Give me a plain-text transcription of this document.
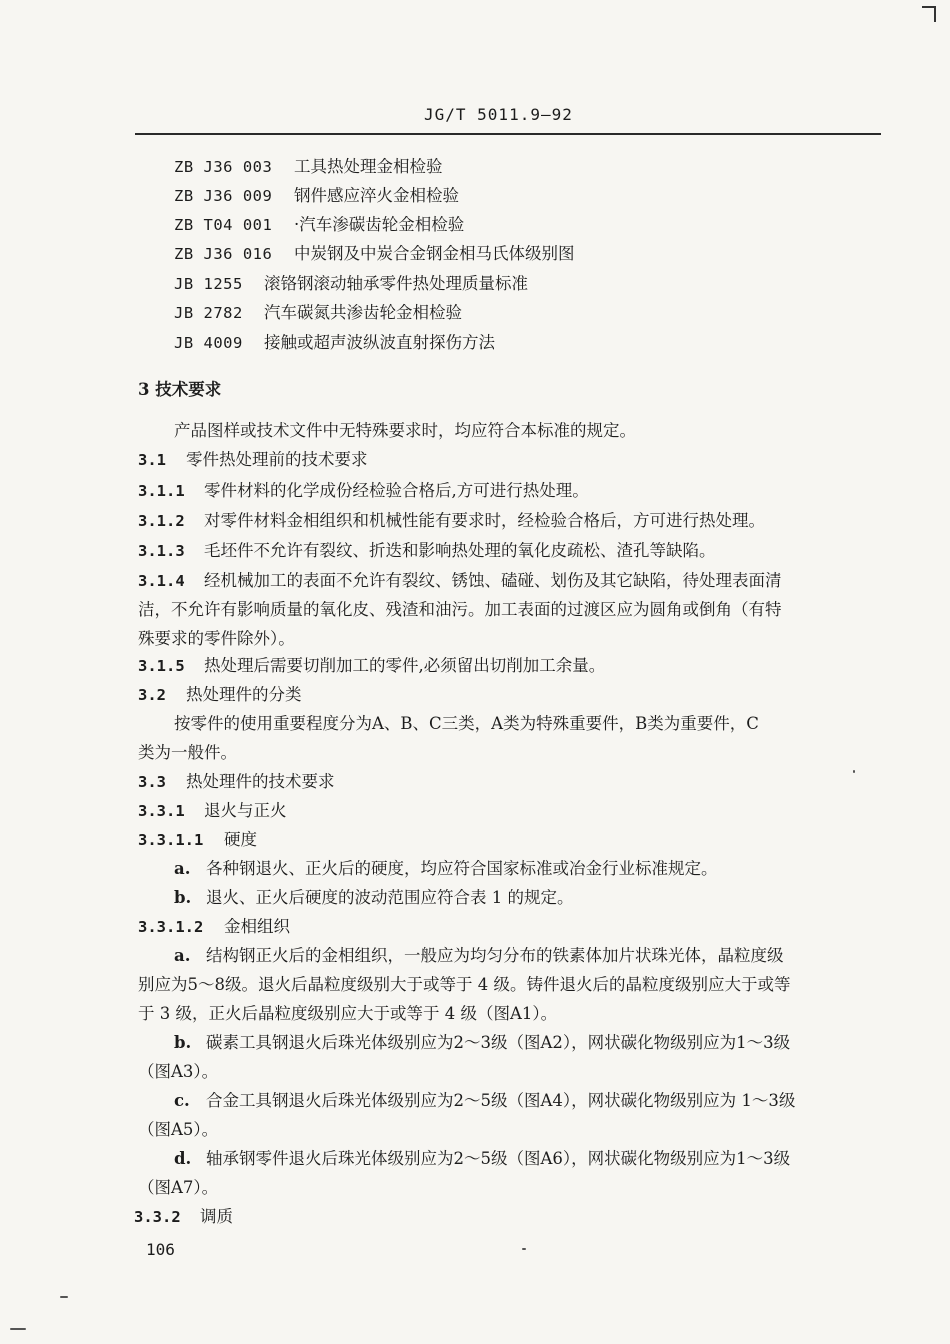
JG/T 5011.9—92
ZB J36 003 工具热处理金相检验
ZB J36 009 钢件感应淬火金相检验
ZB T04 001 ·汽车渗碳齿轮金相检验
ZB J36 016 中炭钢及中炭合金钢金相马氏体级别图
JB 1255 滚铬钢滚动轴承零件热处理质量标准
JB 2782 汽车碳氮共渗齿轮金相检验
JB 4009 接触或超声波纵波直射探伤方法
3 技术要求
产品图样或技术文件中无特殊要求时，均应符合本标准的规定。
3.1 零件热处理前的技术要求
3.1.1 零件材料的化学成份经检验合格后,方可进行热处理。
3.1.2 对零件材料金相组织和机械性能有要求时，经检验合格后，方可进行热处理。
3.1.3 毛坯件不允许有裂纹、折迭和影响热处理的氧化皮疏松、渣孔等缺陷。
3.1.4 经机械加工的表面不允许有裂纹、锈蚀、磕碰、划伤及其它缺陷，待处理表面清
洁，不允许有影响质量的氧化皮、残渣和油污。加工表面的过渡区应为圆角或倒角（有特
殊要求的零件除外）。
3.1.5 热处理后需要切削加工的零件,必须留出切削加工余量。
3.2 热处理件的分类
按零件的使用重要程度分为A、B、C三类，A类为特殊重要件，B类为重要件，C
类为一般件。
3.3 热处理件的技术要求
3.3.1 退火与正火
3.3.1.1 硬度
a. 各种钢退火、正火后的硬度，均应符合国家标准或冶金行业标准规定。
b. 退火、正火后硬度的波动范围应符合表 1 的规定。
3.3.1.2 金相组织
a. 结构钢正火后的金相组织，一般应为均匀分布的铁素体加片状珠光体，晶粒度级
别应为5～8级。退火后晶粒度级别大于或等于 4 级。铸件退火后的晶粒度级别应大于或等
于 3 级，正火后晶粒度级别应大于或等于 4 级（图A1）。
b. 碳素工具钢退火后珠光体级别应为2～3级（图A2），网状碳化物级别应为1～3级
（图A3）。
c. 合金工具钢退火后珠光体级别应为2～5级（图A4），网状碳化物级别应为 1～3级
（图A5）。
d. 轴承钢零件退火后珠光体级别应为2～5级（图A6），网状碳化物级别应为1～3级
（图A7）。
3.3.2 调质
106
